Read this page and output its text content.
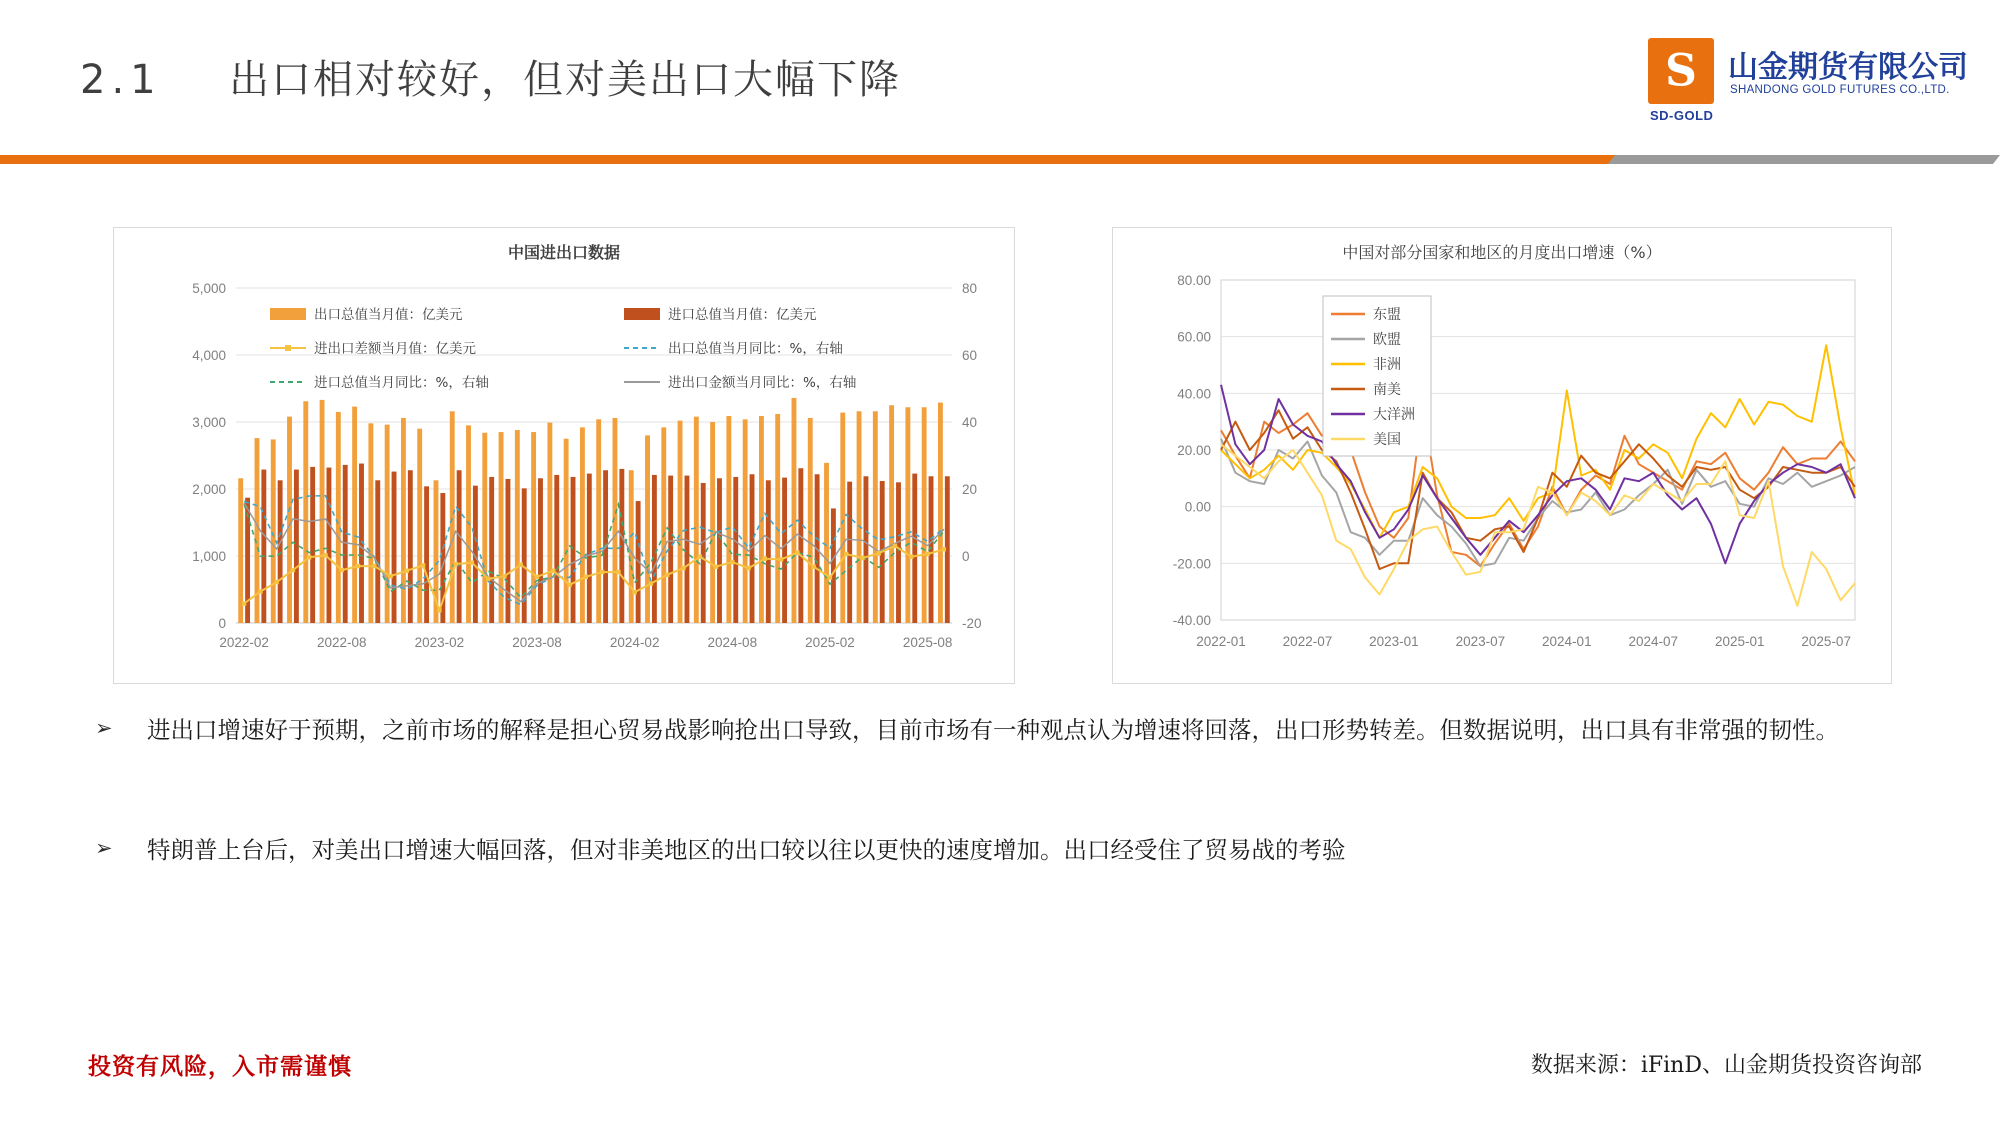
2.1 出口相对较好，但对美出口大幅下降	S
SD-GOLD
山金期货有限公司
SHANDONG GOLD FUTURES CO.,LTD.
中国进出口数据
0
1,000
2,000
3,000
4,000
5,000
-20
0
20
40
60
80
2022-02	2022-08	2023-02	2023-08	2024-02	2024-08	2025-02	2025-08
出口总值当月值：亿美元	进口总值当月值：亿美元
进出口差额当月值：亿美元	出口总值当月同比：%，右轴
进口总值当月同比：%，右轴	进出口金额当月同比：%，右轴
中国对部分国家和地区的月度出口增速（%）
-40.00
-20.00
0.00
20.00
40.00
60.00
80.00
2022-01	2022-07	2023-01	2023-07	2024-01	2024-07	2025-01	2025-07
东盟
欧盟
非洲
南美
大洋洲
美国
➢ 进出口增速好于预期，之前市场的解释是担心贸易战影响抢出口导致，目前市场有一种观点认为增速将回落，出口形势转差。但数据说明，出口具有非常强的韧性。
➢ 特朗普上台后，对美出口增速大幅回落，但对非美地区的出口较以往以更快的速度增加。出口经受住了贸易战的考验
投资有风险，入市需谨慎	数据来源：iFinD、山金期货投资咨询部
